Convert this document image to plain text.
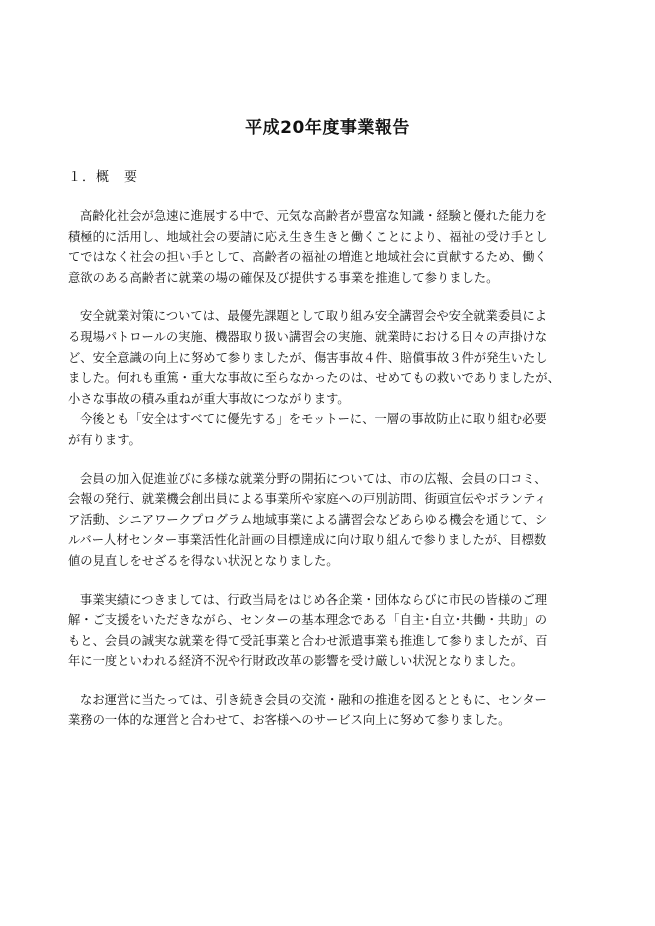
平成20年度事業報告
１．概　要
高齢化社会が急速に進展する中で、元気な高齢者が豊富な知識・経験と優れた能力を
積極的に活用し、地域社会の要請に応え生き生きと働くことにより、福祉の受け手とし
てではなく社会の担い手として、高齢者の福祉の増進と地域社会に貢献するため、働く
意欲のある高齢者に就業の場の確保及び提供する事業を推進して参りました。
安全就業対策については、最優先課題として取り組み安全講習会や安全就業委員によ
る現場パトロールの実施、機器取り扱い講習会の実施、就業時における日々の声掛けな
ど、安全意識の向上に努めて参りましたが、傷害事故４件、賠償事故３件が発生いたし
ました。何れも重篤・重大な事故に至らなかったのは、せめてもの救いでありましたが、
小さな事故の積み重ねが重大事故につながります。
今後とも「安全はすべてに優先する」をモットーに、一層の事故防止に取り組む必要
が有ります。
会員の加入促進並びに多様な就業分野の開拓については、市の広報、会員の口コミ、
会報の発行、就業機会創出員による事業所や家庭への戸別訪問、街頭宣伝やボランティ
ア活動、シニアワークプログラム地域事業による講習会などあらゆる機会を通じて、シ
ルバー人材センター事業活性化計画の目標達成に向け取り組んで参りましたが、目標数
値の見直しをせざるを得ない状況となりました。
事業実績につきましては、行政当局をはじめ各企業・団体ならびに市民の皆様のご理
解・ご支援をいただきながら、センターの基本理念である「自主･自立･共働・共助」の
もと、会員の誠実な就業を得て受託事業と合わせ派遣事業も推進して参りましたが、百
年に一度といわれる経済不況や行財政改革の影響を受け厳しい状況となりました。
なお運営に当たっては、引き続き会員の交流・融和の推進を図るとともに、センター
業務の一体的な運営と合わせて、お客様へのサービス向上に努めて参りました。
